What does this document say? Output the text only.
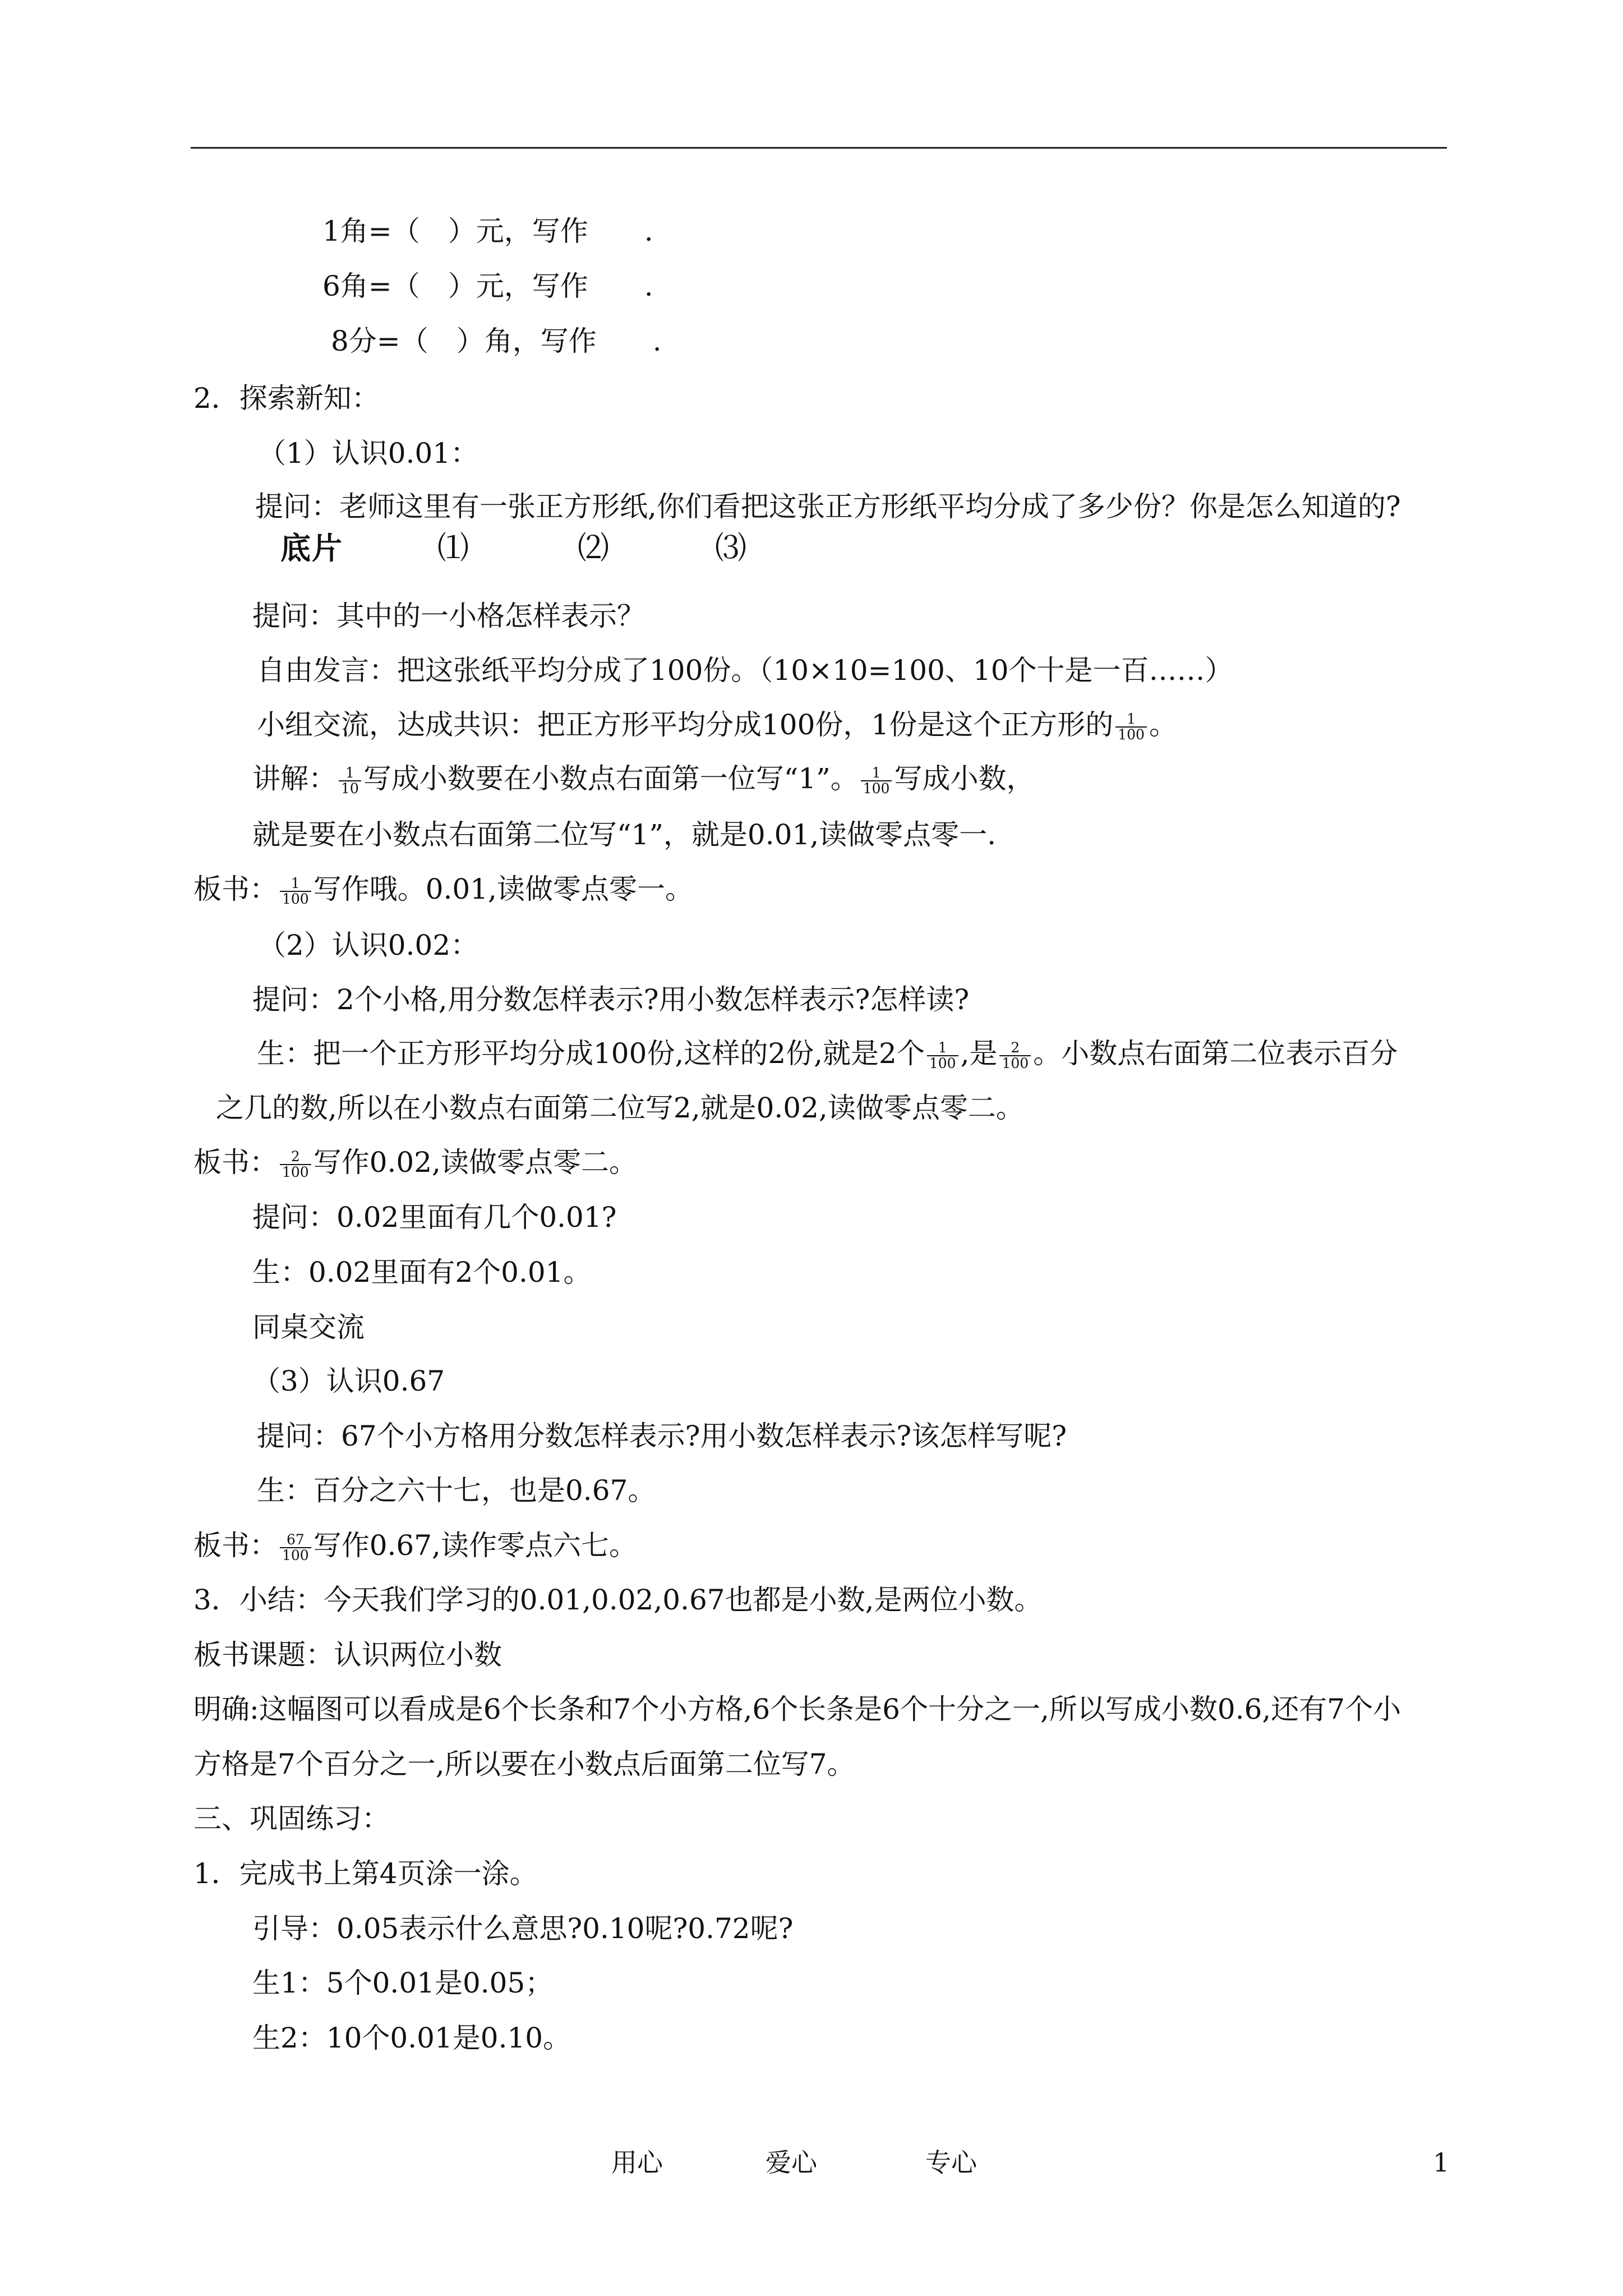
1角=（　）元，写作　　.
6角=（　）元，写作　　.
8分=（　）角，写作　　.
2．探索新知：
（1）认识0.01：
提问：老师这里有一张正方形纸,你们看把这张正方形纸平均分成了多少份？你是怎么知道的?
底片	⑴	⑵	⑶
提问：其中的一小格怎样表示？
自由发言：把这张纸平均分成了100份。（10×10=100、10个十是一百……）
小组交流，达成共识：把正方形平均分成100份，1份是这个正方形的 $\frac{1}{100}$ 。
讲解： $\frac{1}{10}$ 写成小数要在小数点右面第一位写“1”。 $\frac{1}{100}$ 写成小数，
就是要在小数点右面第二位写“1”，就是0.01,读做零点零一.
板书： $\frac{1}{100}$ 写作哦。0.01,读做零点零一。
（2）认识0.02：
提问：2个小格,用分数怎样表示?用小数怎样表示?怎样读?
生：把一个正方形平均分成100份,这样的2份,就是2个 $\frac{1}{100}$ ,是 $\frac{2}{100}$ 。小数点右面第二位表示百分
之几的数,所以在小数点右面第二位写2,就是0.02,读做零点零二。
板书： $\frac{2}{100}$ 写作0.02,读做零点零二。
提问：0.02里面有几个0.01?
生：0.02里面有2个0.01。
同桌交流
（3）认识0.67
提问：67个小方格用分数怎样表示?用小数怎样表示?该怎样写呢?
生：百分之六十七，也是0.67。
板书： $\frac{67}{100}$ 写作0.67,读作零点六七。
3．小结：今天我们学习的0.01,0.02,0.67也都是小数,是两位小数。
板书课题：认识两位小数
明确:这幅图可以看成是6个长条和7个小方格,6个长条是6个十分之一,所以写成小数0.6,还有7个小
方格是7个百分之一,所以要在小数点后面第二位写7。
三、巩固练习：
1．完成书上第4页涂一涂。
引导：0.05表示什么意思?0.10呢?0.72呢?
生1：5个0.01是0.05；
生2：10个0.01是0.10。
用心	爱心	专心	1
